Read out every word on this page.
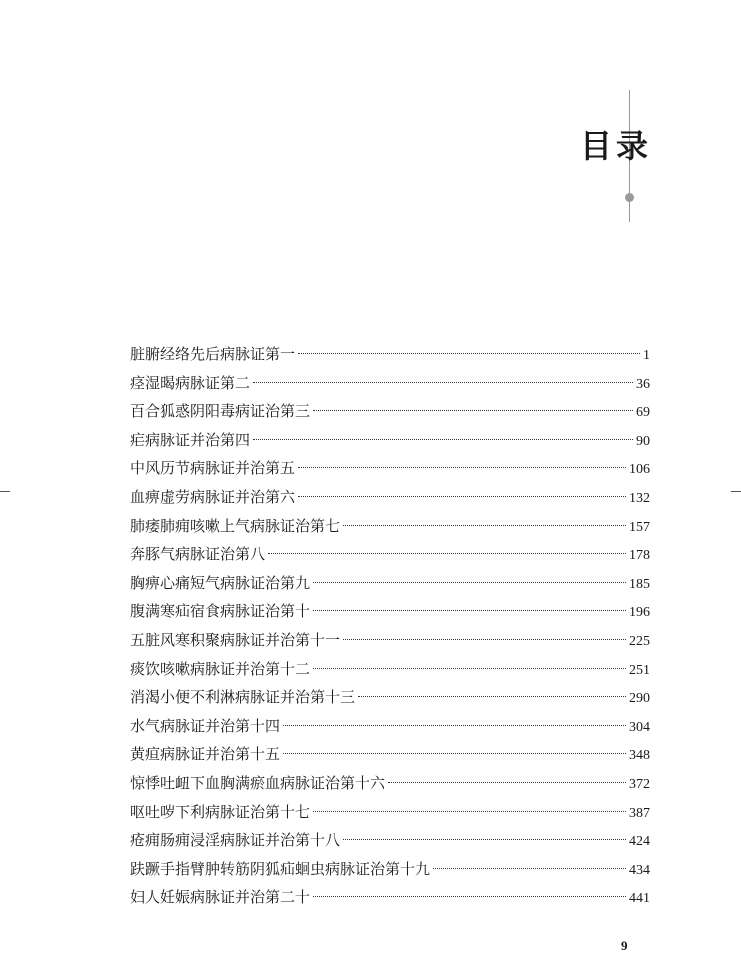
目录
脏腑经络先后病脉证第一	1
痉湿暍病脉证第二	36
百合狐惑阴阳毒病证治第三	69
疟病脉证并治第四	90
中风历节病脉证并治第五	106
血痹虚劳病脉证并治第六	132
肺痿肺痈咳嗽上气病脉证治第七	157
奔豚气病脉证治第八	178
胸痹心痛短气病脉证治第九	185
腹满寒疝宿食病脉证治第十	196
五脏风寒积聚病脉证并治第十一	225
痰饮咳嗽病脉证并治第十二	251
消渴小便不利淋病脉证并治第十三	290
水气病脉证并治第十四	304
黄疸病脉证并治第十五	348
惊悸吐衄下血胸满瘀血病脉证治第十六	372
呕吐哕下利病脉证治第十七	387
疮痈肠痈浸淫病脉证并治第十八	424
趺蹶手指臂肿转筋阴狐疝蛔虫病脉证治第十九	434
妇人妊娠病脉证并治第二十	441
9
